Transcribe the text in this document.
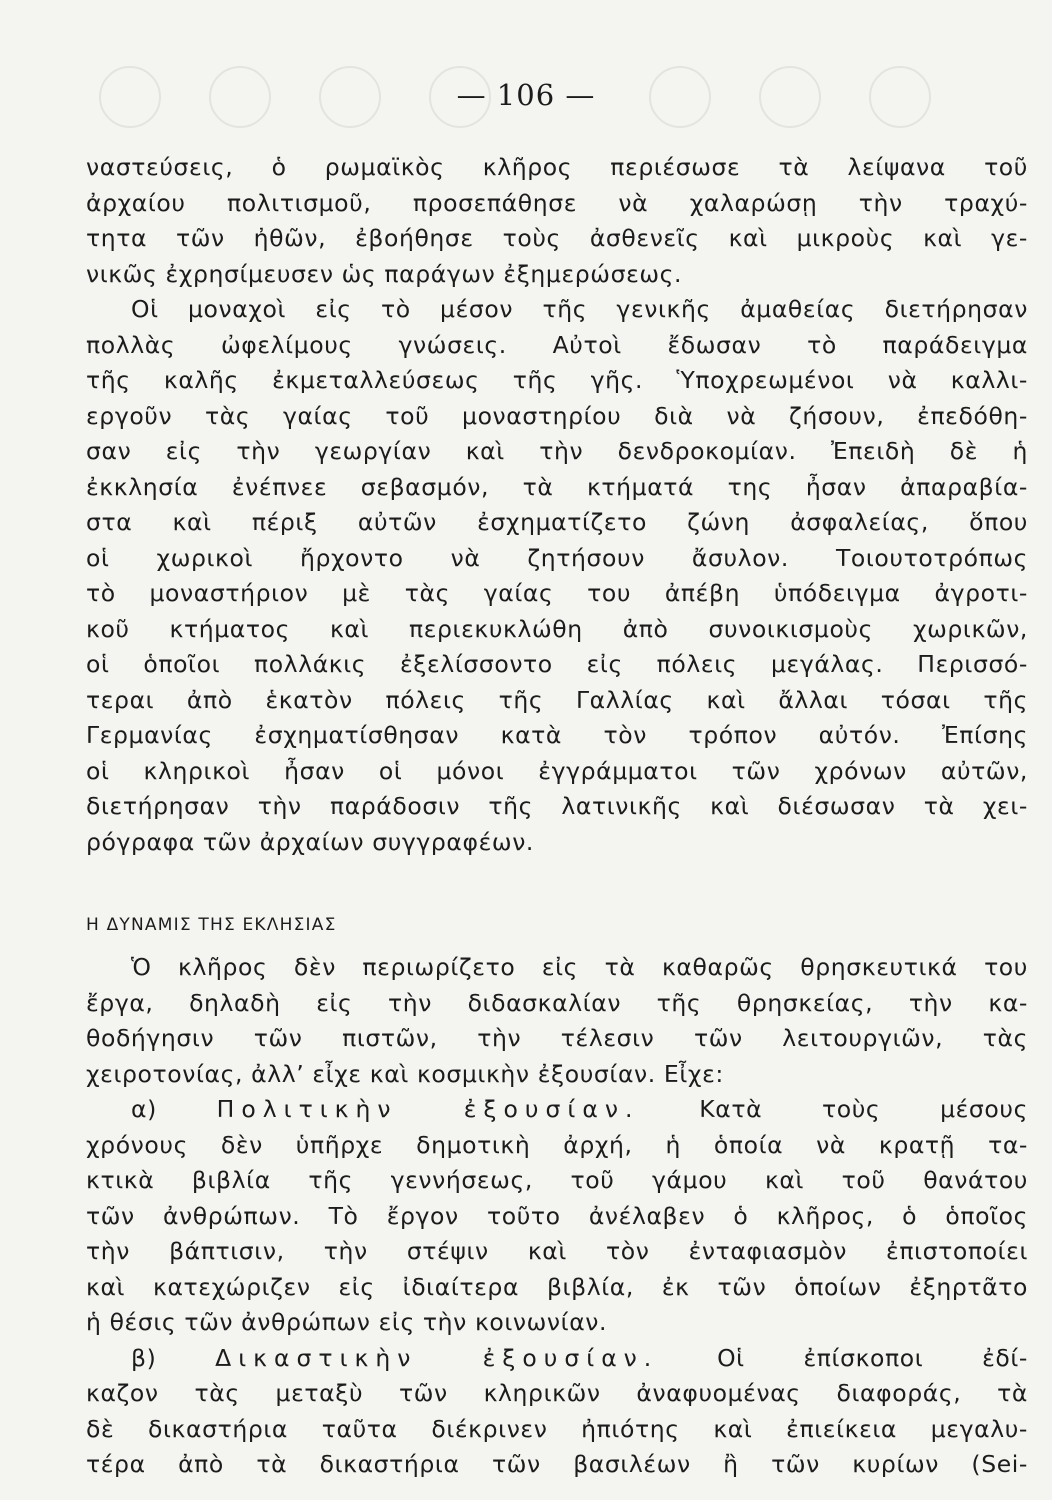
— 106 —
ναστεύσεις, ὁ ρωμαϊκὸς κλῆρος περιέσωσε τὰ λείψανα τοῦ
ἀρχαίου πολιτισμοῦ, προσεπάθησε νὰ χαλαρώσῃ τὴν τραχύ-
τητα τῶν ἠθῶν, ἐβοήθησε τοὺς ἀσθενεῖς καὶ μικροὺς καὶ γε-
νικῶς ἐχρησίμευσεν ὡς παράγων ἐξημερώσεως.
Οἱ μοναχοὶ εἰς τὸ μέσον τῆς γενικῆς ἀμαθείας διετήρησαν
πολλὰς ὠφελίμους γνώσεις. Αὐτοὶ ἔδωσαν τὸ παράδειγμα
τῆς καλῆς ἐκμεταλλεύσεως τῆς γῆς. Ὑποχρεωμένοι νὰ καλλι-
εργοῦν τὰς γαίας τοῦ μοναστηρίου διὰ νὰ ζήσουν, ἐπεδόθη-
σαν εἰς τὴν γεωργίαν καὶ τὴν δενδροκομίαν. Ἐπειδὴ δὲ ἡ
ἐκκλησία ἐνέπνεε σεβασμόν, τὰ κτήματά της ἦσαν ἀπαραβία-
στα καὶ πέριξ αὐτῶν ἐσχηματίζετο ζώνη ἀσφαλείας, ὅπου
οἱ χωρικοὶ ἤρχοντο νὰ ζητήσουν ἄσυλον. Τοιουτοτρόπως
τὸ μοναστήριον μὲ τὰς γαίας του ἀπέβη ὑπόδειγμα ἀγροτι-
κοῦ κτήματος καὶ περιεκυκλώθη ἀπὸ συνοικισμοὺς χωρικῶν,
οἱ ὁποῖοι πολλάκις ἐξελίσσοντο εἰς πόλεις μεγάλας. Περισσό-
τεραι ἀπὸ ἑκατὸν πόλεις τῆς Γαλλίας καὶ ἄλλαι τόσαι τῆς
Γερμανίας ἐσχηματίσθησαν κατὰ τὸν τρόπον αὐτόν. Ἐπίσης
οἱ κληρικοὶ ἦσαν οἱ μόνοι ἐγγράμματοι τῶν χρόνων αὐτῶν,
διετήρησαν τὴν παράδοσιν τῆς λατινικῆς καὶ διέσωσαν τὰ χει-
ρόγραφα τῶν ἀρχαίων συγγραφέων.
Η ΔΥΝΑΜΙΣ ΤΗΣ ΕΚΛΗΣΙΑΣ
Ὁ κλῆρος δὲν περιωρίζετο εἰς τὰ καθαρῶς θρησκευτικά του
ἔργα, δηλαδὴ εἰς τὴν διδασκαλίαν τῆς θρησκείας, τὴν κα-
θοδήγησιν τῶν πιστῶν, τὴν τέλεσιν τῶν λειτουργιῶν, τὰς
χειροτονίας, ἀλλ’ εἶχε καὶ κοσμικὴν ἐξουσίαν. Εἶχε:
α)	Πολιτικὴν ἐξουσίαν.	Κατὰ τοὺς μέσους
χρόνους δὲν ὑπῆρχε δημοτικὴ ἀρχή, ἡ ὁποία νὰ κρατῇ τα-
κτικὰ βιβλία τῆς γεννήσεως, τοῦ γάμου καὶ τοῦ θανάτου
τῶν ἀνθρώπων. Τὸ ἔργον τοῦτο ἀνέλαβεν ὁ κλῆρος, ὁ ὁποῖος
τὴν βάπτισιν, τὴν στέψιν καὶ τὸν ἐνταφιασμὸν ἐπιστοποίει
καὶ κατεχώριζεν εἰς ἰδιαίτερα βιβλία, ἐκ τῶν ὁποίων ἐξηρτᾶτο
ἡ θέσις τῶν ἀνθρώπων εἰς τὴν κοινωνίαν.
β)	Δικαστικὴν ἐξουσίαν.	Οἱ ἐπίσκοποι ἐδί-
καζον τὰς μεταξὺ τῶν κληρικῶν ἀναφυομένας διαφοράς, τὰ
δὲ δικαστήρια ταῦτα διέκρινεν ἠπιότης καὶ ἐπιείκεια μεγαλυ-
τέρα ἀπὸ τὰ δικαστήρια τῶν βασιλέων ἢ τῶν κυρίων (Sei-
